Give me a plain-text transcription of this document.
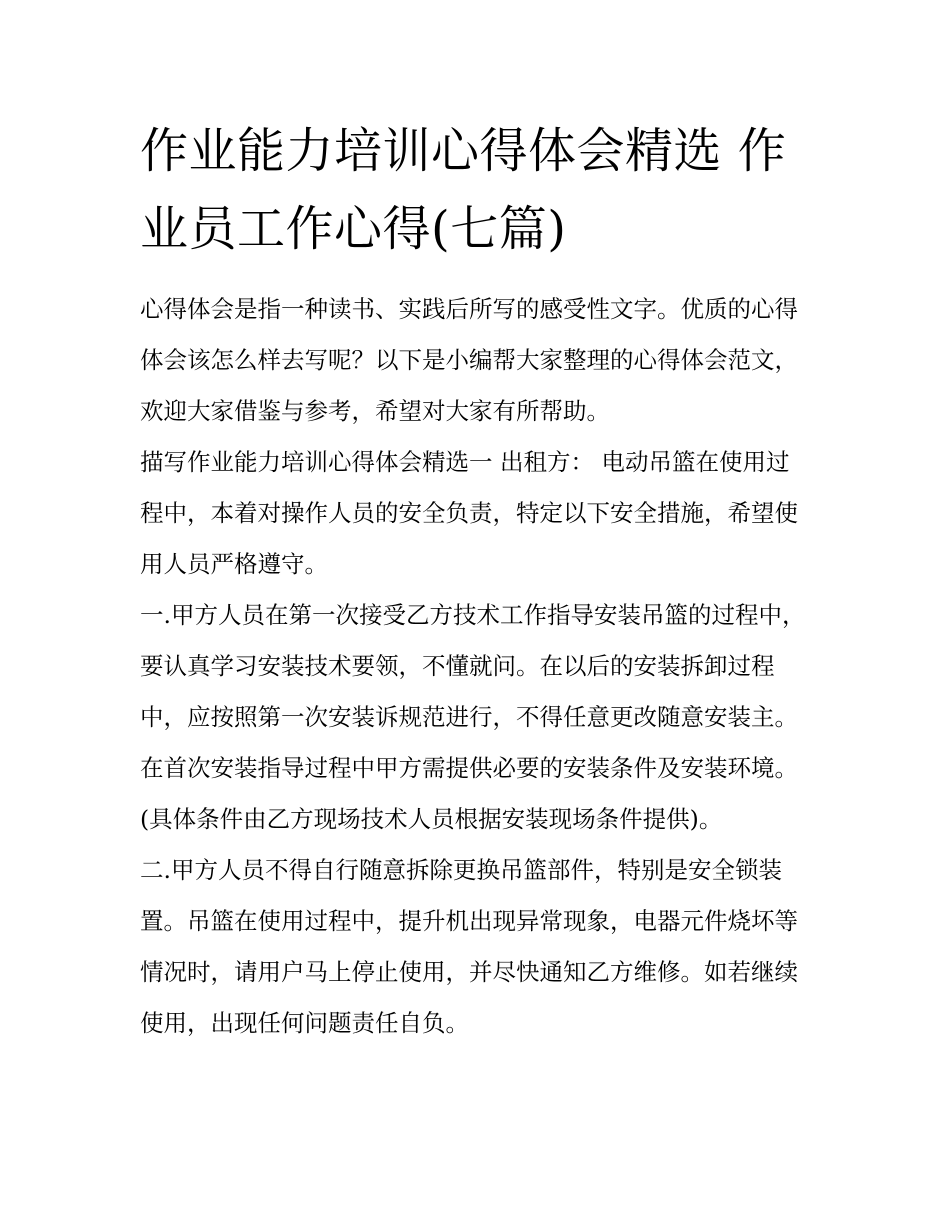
作业能力培训心得体会精选 作业员工作心得(七篇)

心得体会是指一种读书、实践后所写的感受性文字。优质的心得体会该怎么样去写呢？以下是小编帮大家整理的心得体会范文，欢迎大家借鉴与参考，希望对大家有所帮助。

描写作业能力培训心得体会精选一 出租方： 电动吊篮在使用过程中，本着对操作人员的安全负责，特定以下安全措施，希望使用人员严格遵守。

一.甲方人员在第一次接受乙方技术工作指导安装吊篮的过程中，要认真学习安装技术要领，不懂就问。在以后的安装拆卸过程中，应按照第一次安装诉规范进行，不得任意更改随意安装主。在首次安装指导过程中甲方需提供必要的安装条件及安装环境。(具体条件由乙方现场技术人员根据安装现场条件提供)。

二.甲方人员不得自行随意拆除更换吊篮部件，特别是安全锁装置。吊篮在使用过程中，提升机出现异常现象，电器元件烧坏等情况时，请用户马上停止使用，并尽快通知乙方维修。如若继续使用，出现任何问题责任自负。
